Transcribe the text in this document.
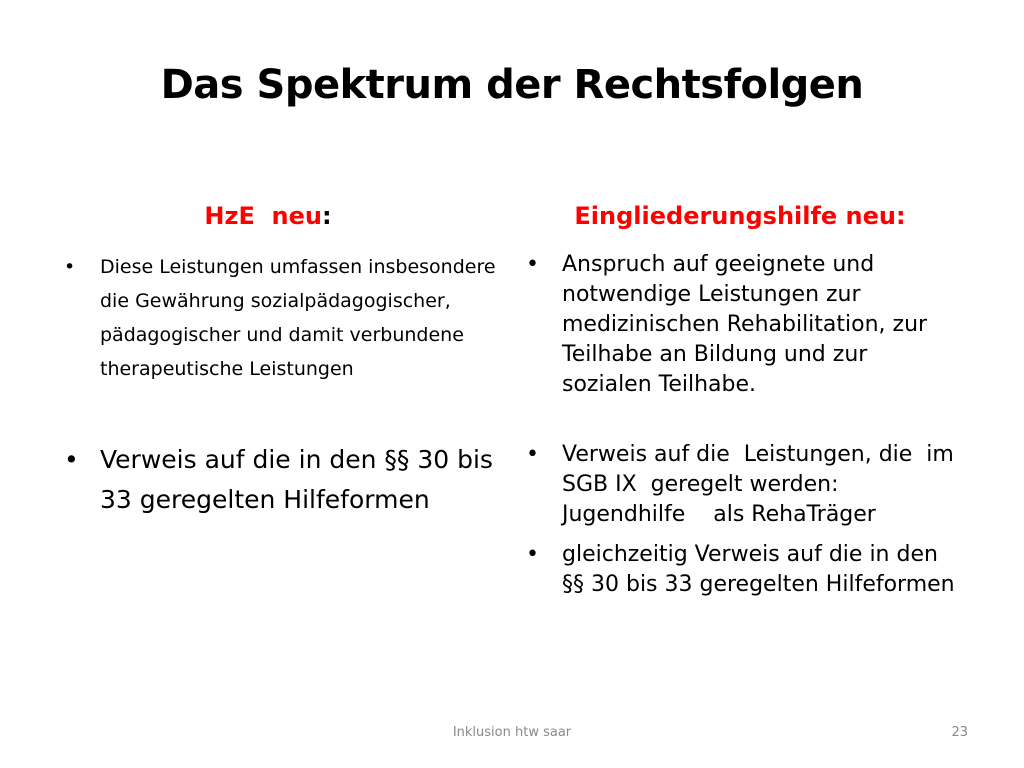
Das Spektrum der Rechtsfolgen
HzE  neu:
• Diese Leistungen umfassen insbesondere die Gewährung sozialpädagogischer, pädagogischer und damit verbundene therapeutische Leistungen
• Verweis auf die in den §§ 30 bis 33 geregelten Hilfeformen
Eingliederungshilfe neu:
• Anspruch auf geeignete und notwendige Leistungen zur medizinischen Rehabilitation, zur Teilhabe an Bildung und zur sozialen Teilhabe.
• Verweis auf die  Leistungen, die  im  SGB IX  geregelt werden: Jugendhilfe    als RehaTräger
• gleichzeitig Verweis auf die in den  §§ 30 bis 33 geregelten Hilfeformen
Inklusion htw saar	23
